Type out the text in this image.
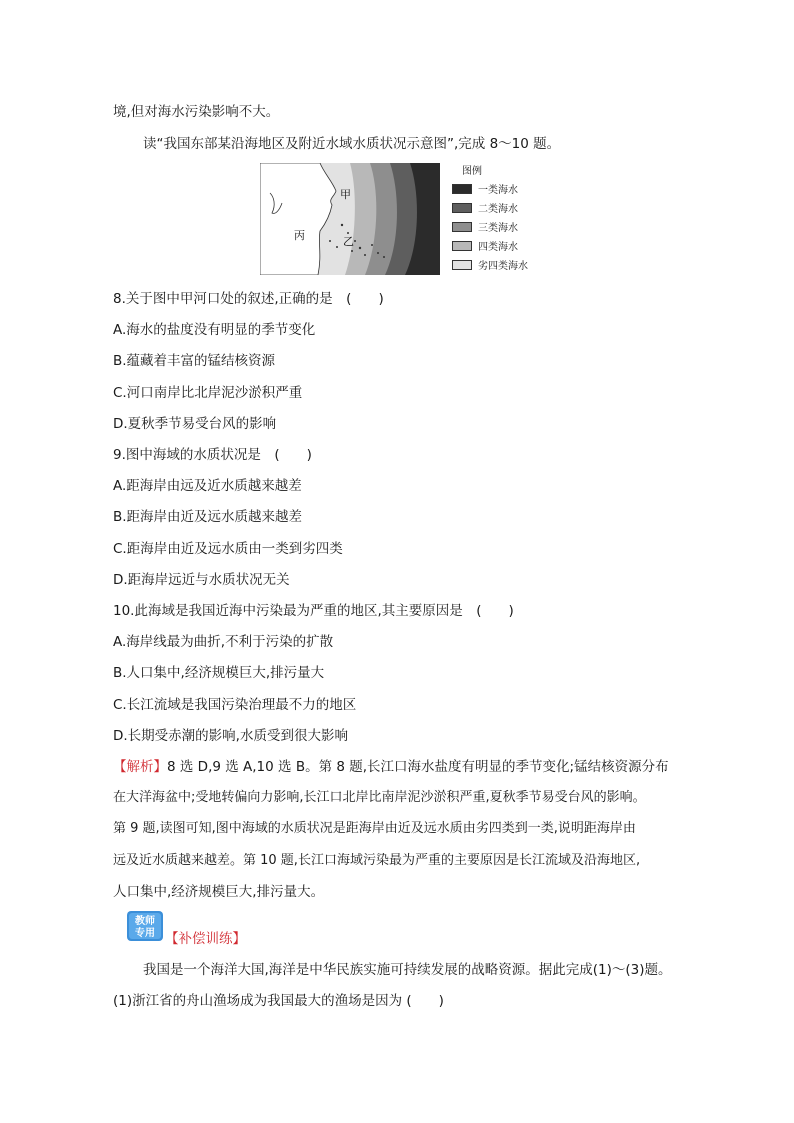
境,但对海水污染影响不大。
读“我国东部某沿海地区及附近水域水质状况示意图”,完成 8～10 题。
甲
乙
丙
图例
一类海水
二类海水
三类海水
四类海水
劣四类海水
8.关于图中甲河口处的叙述,正确的是　(　　)
A.海水的盐度没有明显的季节变化
B.蕴藏着丰富的锰结核资源
C.河口南岸比北岸泥沙淤积严重
D.夏秋季节易受台风的影响
9.图中海域的水质状况是　(　　)
A.距海岸由远及近水质越来越差
B.距海岸由近及远水质越来越差
C.距海岸由近及远水质由一类到劣四类
D.距海岸远近与水质状况无关
10.此海域是我国近海中污染最为严重的地区,其主要原因是　(　　)
A.海岸线最为曲折,不利于污染的扩散
B.人口集中,经济规模巨大,排污量大
C.长江流域是我国污染治理最不力的地区
D.长期受赤潮的影响,水质受到很大影响
【解析】8 选 D,9 选 A,10 选 B。第 8 题,长江口海水盐度有明显的季节变化;锰结核资源分布
在大洋海盆中;受地转偏向力影响,长江口北岸比南岸泥沙淤积严重,夏秋季节易受台风的影响。
第 9 题,读图可知,图中海域的水质状况是距海岸由近及远水质由劣四类到一类,说明距海岸由
远及近水质越来越差。第 10 题,长江口海域污染最为严重的主要原因是长江流域及沿海地区,
人口集中,经济规模巨大,排污量大。
教师
专用 【补偿训练】
我国是一个海洋大国,海洋是中华民族实施可持续发展的战略资源。据此完成(1)～(3)题。
(1)浙江省的舟山渔场成为我国最大的渔场是因为 (　　)
